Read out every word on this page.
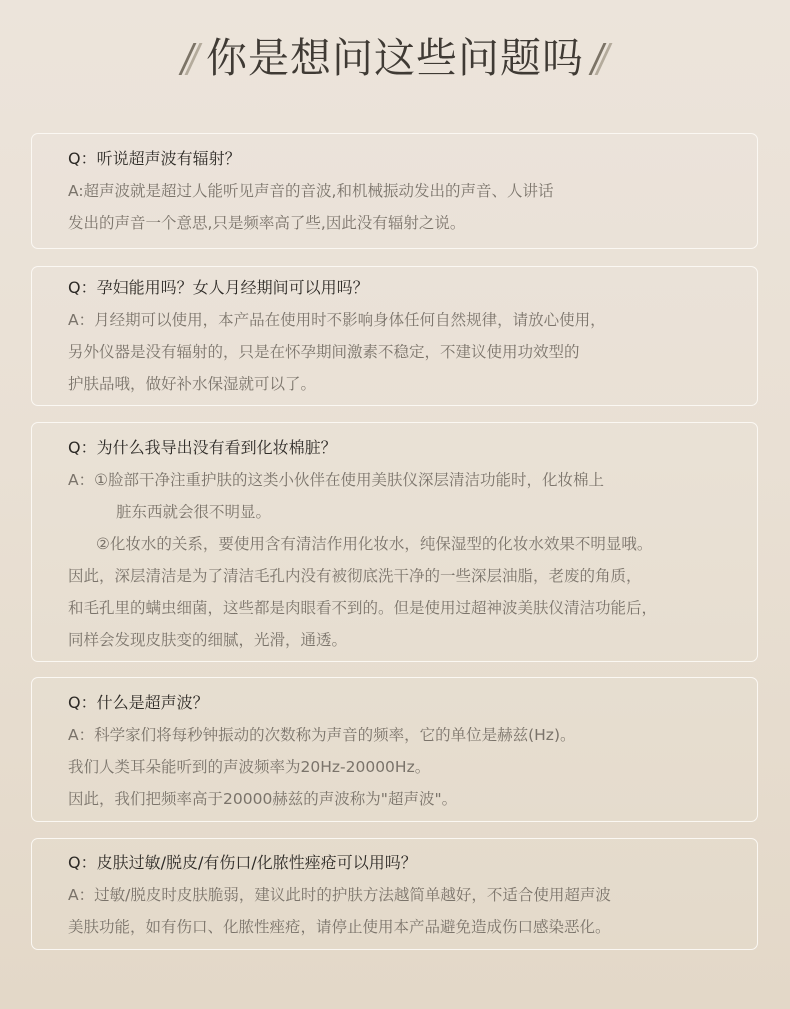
你是想问这些问题吗
Q：听说超声波有辐射？
A:超声波就是超过人能听见声音的音波,和机械振动发出的声音、人讲话
发出的声音一个意思,只是频率高了些,因此没有辐射之说。
Q：孕妇能用吗？女人月经期间可以用吗？
A：月经期可以使用，本产品在使用时不影响身体任何自然规律，请放心使用，
另外仪器是没有辐射的，只是在怀孕期间激素不稳定，不建议使用功效型的
护肤品哦，做好补水保湿就可以了。
Q：为什么我导出没有看到化妆棉脏？
A：①脸部干净注重护肤的这类小伙伴在使用美肤仪深层清洁功能时，化妆棉上
脏东西就会很不明显。
②化妆水的关系，要使用含有清洁作用化妆水，纯保湿型的化妆水效果不明显哦。
因此，深层清洁是为了清洁毛孔内没有被彻底洗干净的一些深层油脂，老废的角质，
和毛孔里的螨虫细菌，这些都是肉眼看不到的。但是使用过超神波美肤仪清洁功能后，
同样会发现皮肤变的细腻，光滑，通透。
Q：什么是超声波？
A：科学家们将每秒钟振动的次数称为声音的频率，它的单位是赫兹(Hz)。
我们人类耳朵能听到的声波频率为20Hz-20000Hz。
因此，我们把频率高于20000赫兹的声波称为"超声波"。
Q：皮肤过敏/脱皮/有伤口/化脓性痤疮可以用吗？
A：过敏/脱皮时皮肤脆弱，建议此时的护肤方法越简单越好，不适合使用超声波
美肤功能，如有伤口、化脓性痤疮，请停止使用本产品避免造成伤口感染恶化。
